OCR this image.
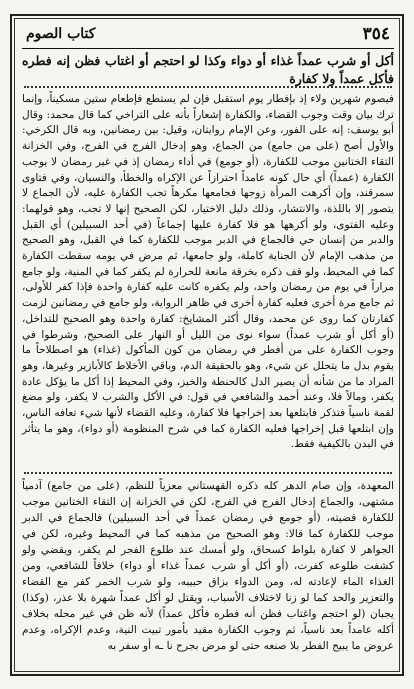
٣٥٤
كتاب الصوم

أكل أو شرب عمداً غذاء أو دواء وكذا لو احتجم أو اغتاب فظن إنه فطره فأكل عمداً ولا كفارة

فيصوم شهرين ولاء إذ بإفطار يوم استقبل فإن لم يستطع فإطعام ستين مسكيناً، وإنما ترك بيان وقت وجوب القضاء، والكفارة إشعاراً بأنه على التراخي كما قال محمد: وقال أبو يوسف: إنه على الفور، وعن الإمام روايتان، وقيل: بين رمضانين، وبه قال الكرخي: والأول أصح (على من جامع) من الجماع، وهو إدخال الفرج في الفرج، وفي الخزانة التقاء الختانين موجب للكفارة، (أو جومع) في أداء رمضان إذ في غير رمضان لا يوجب الكفارة (عمداً) أي حال كونه عامداً احترازاً عن الإكراه والخطأ، والنسيان، وفي فتاوى سمرقند، وإن أكرهت المرأة زوجها فجامعها مكرهاً تجب الكفارة عليه، لأن الجماع لا يتصور إلا باللذة، والانتشار، وذلك دليل الاختيار، لكن الصحيح إنها لا تجب، وهو قولهما: وعليه الفتوى، ولو أكرهها هو فلا كفارة عليها إجماعاً (في أحد السبيلين) أي القبل والدبر من إنسان حي فالجماع في الدبر موجب للكفارة كما في القبل، وهو الصحيح من مذهب الإمام لأن الجناية كاملة، ولو جامعها، ثم مرض في يومه سقطت الكفارة كما في المحيط، ولو قف ذكره بخرقة مانعة للحرارة لم يكفر كما في المنية، ولو جامع مراراً في يوم من رمضان واحد، ولم يكفره كانت عليه كفارة واحدة فإذا كفر للأولى، ثم جامع مرة أخرى فعليه كفارة أخرى في ظاهر الرواية، ولو جامع في رمضانين لزمت كفارتان كما روى عن محمد، وقال أكثر المشايخ: كفارة واحدة وهو الصحيح للتداخل، (أو أكل أو شرب عمداً) سواء نوى من الليل أو النهار على الصحيح، وشرطوا في وجوب الكفارة على من أفطر في رمضان من كون المأكول (غذاء) هو اصطلاحاً ما يقوم بدل ما يتحلل عن شيء، وهو بالحقيقة الدم، وباقي الأخلاط كالأبازير وغيرها، وهو المراد ما من شأنه أن يصير الدل كالحنطة والخبز، وفي المحيط إذا أكل ما يؤكل عادة يكفر، ومالاً فلا، وعند أحمد والشافعي في قول: في الأكل والشرب لا يكفر، ولو مضغ لقمة ناسياً فتذكر فابتلعها بعد إخراجها فلا كفارة، وعليه القضاء لأنها شيء تعافه الناس، وإن ابتلعها قبل إخراجها فعليه الكفارة كما في شرح المنظومة (أو دواء)، وهو ما يتأثر في البدن بالكيفية فقط.

المعهدة، وإن صام الدهر كله ذكره القهستاني معزياً للنظم، (على من جامع) آدمياً مشتهى، والجماع إدخال الفرج في الفرج، لكن في الخزانة إن التقاء الختانين موجب للكفارة قضيته، (أو جومع في رمضان عمداً في أحد السبيلين) فالجماع في الدبر موجب للكفارة كما قالا: وهو الصحيح من مذهبه كما في المحيط وغيره، لكن في الجواهر لا كفارة بلواط كسحاق، ولو أمسك عند طلوع الفجر لم يكفر، ويقضي ولو كشفت طلوعه كفرت، (أو أكل أو شرب عمداً غذاء أو دواء) خلافاً للشافعي، ومن الغذاء الماء لإعادته له، ومن الدواء بزاق حبيبه، ولو شرب الخمر كفر مع القضاء والتعزير والحد كما لو زنا لاختلاف الأسباب، ويقتل لو أكل عمداً شهرة بلا عذر، (وكذا) يجبان (لو احتجم واغتاب فظن أنه فطره فأكل عمداً) لأنه ظن في غير محله بخلاف أكله عامداً بعد ناسياً، ثم وجوب الكفارة مقيد بأمور تبيت النية، وعدم الإكراه، وعدم عروض ما يبيح الفطر بلا صنعه حتى لو مرض بجرح نا ـه أو سفر به
